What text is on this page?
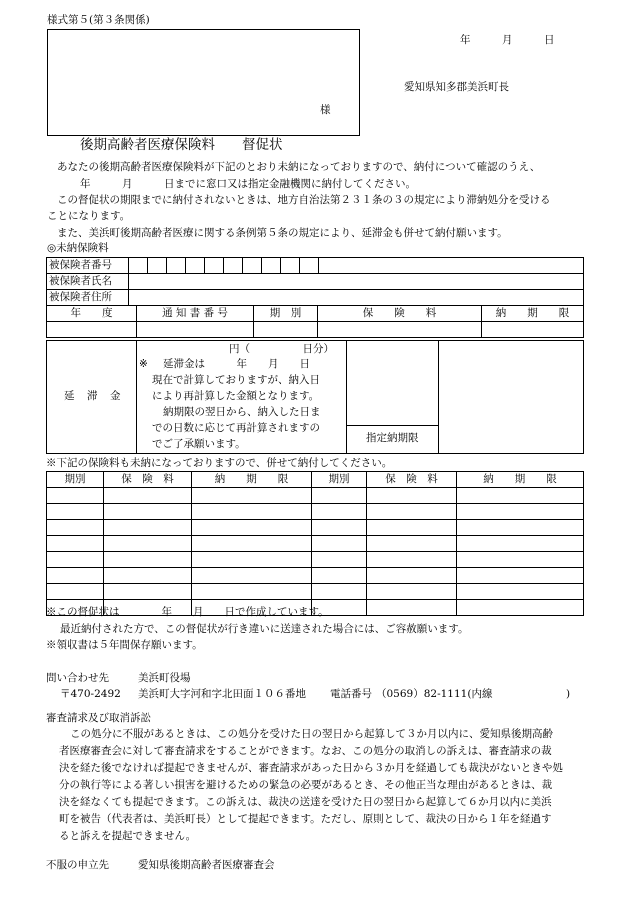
様式第５(第３条関係)
年　　　月　　　日
様
愛知県知多郡美浜町長
後期高齢者医療保険料　　督促状
あなたの後期高齢者医療保険料が下記のとおり未納になっておりますので、納付について確認のうえ、
年　　　月　　　日までに窓口又は指定金融機関に納付してください。
この督促状の期限までに納付されないときは、地方自治法第２３１条の３の規定により滞納処分を受ける
ことになります。
また、美浜町後期高齢者医療に関する条例第５条の規定により、延滞金も併せて納付願います。
◎未納保険料
被保険者番号											
被保険者氏名											
被保険者住所											
年　　度	通 知 書 番 号	期　別	保　　険　　料	納　　期　　限

延　滞　金
円（　　　　　日分）
※ 延滞金は　　　年　　月　　日
現在で計算しておりますが、納入日
により再計算した金額となります。
納期限の翌日から、納入した日ま
での日数に応じて再計算されますの
でご了承願います。	指定納期限
※下記の保険料も未納になっておりますので、併せて納付してください。
期別	保　険　料	納　　期　　限	期別	保　険　料	納　　期　　限

※この督促状は　　　　年　　月　　日で作成しています。
最近納付された方で、この督促状が行き違いに送達された場合には、ご容赦願います。
※領収書は５年間保存願います。
問い合わせ先	美浜町役場
〒470-2492 美浜町大字河和字北田面１０６番地 電話番号 （0569）82-1111(内線　　　　　　　)
審査請求及び取消訴訟
この処分に不服があるときは、この処分を受けた日の翌日から起算して３か月以内に、愛知県後期高齢
者医療審査会に対して審査請求をすることができます。なお、この処分の取消しの訴えは、審査請求の裁
決を経た後でなければ提起できませんが、審査請求があった日から３か月を経過しても裁決がないときや処
分の執行等による著しい損害を避けるための緊急の必要があるとき、その他正当な理由があるときは、裁
決を経なくても提起できます。この訴えは、裁決の送達を受けた日の翌日から起算して６か月以内に美浜
町を被告（代表者は、美浜町長）として提起できます。ただし、原則として、裁決の日から１年を経過す
ると訴えを提起できません。
不服の申立先	愛知県後期高齢者医療審査会
